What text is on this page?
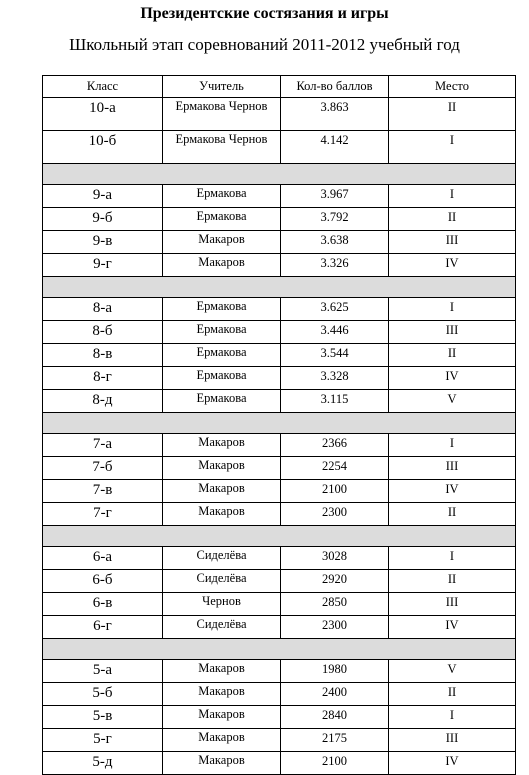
Президентские состязания и игры
Школьный этап соревнований 2011-2012 учебный год
Класс	Учитель	Кол-во баллов	Место
10-а	Ермакова Чернов	3.863	II
10-б	Ермакова Чернов	4.142	I

9-а	Ермакова	3.967	I
9-б	Ермакова	3.792	II
9-в	Макаров	3.638	III
9-г	Макаров	3.326	IV

8-а	Ермакова	3.625	I
8-б	Ермакова	3.446	III
8-в	Ермакова	3.544	II
8-г	Ермакова	3.328	IV
8-д	Ермакова	3.115	V

7-а	Макаров	2366	I
7-б	Макаров	2254	III
7-в	Макаров	2100	IV
7-г	Макаров	2300	II

6-а	Сиделёва	3028	I
6-б	Сиделёва	2920	II
6-в	Чернов	2850	III
6-г	Сиделёва	2300	IV

5-а	Макаров	1980	V
5-б	Макаров	2400	II
5-в	Макаров	2840	I
5-г	Макаров	2175	III
5-д	Макаров	2100	IV
